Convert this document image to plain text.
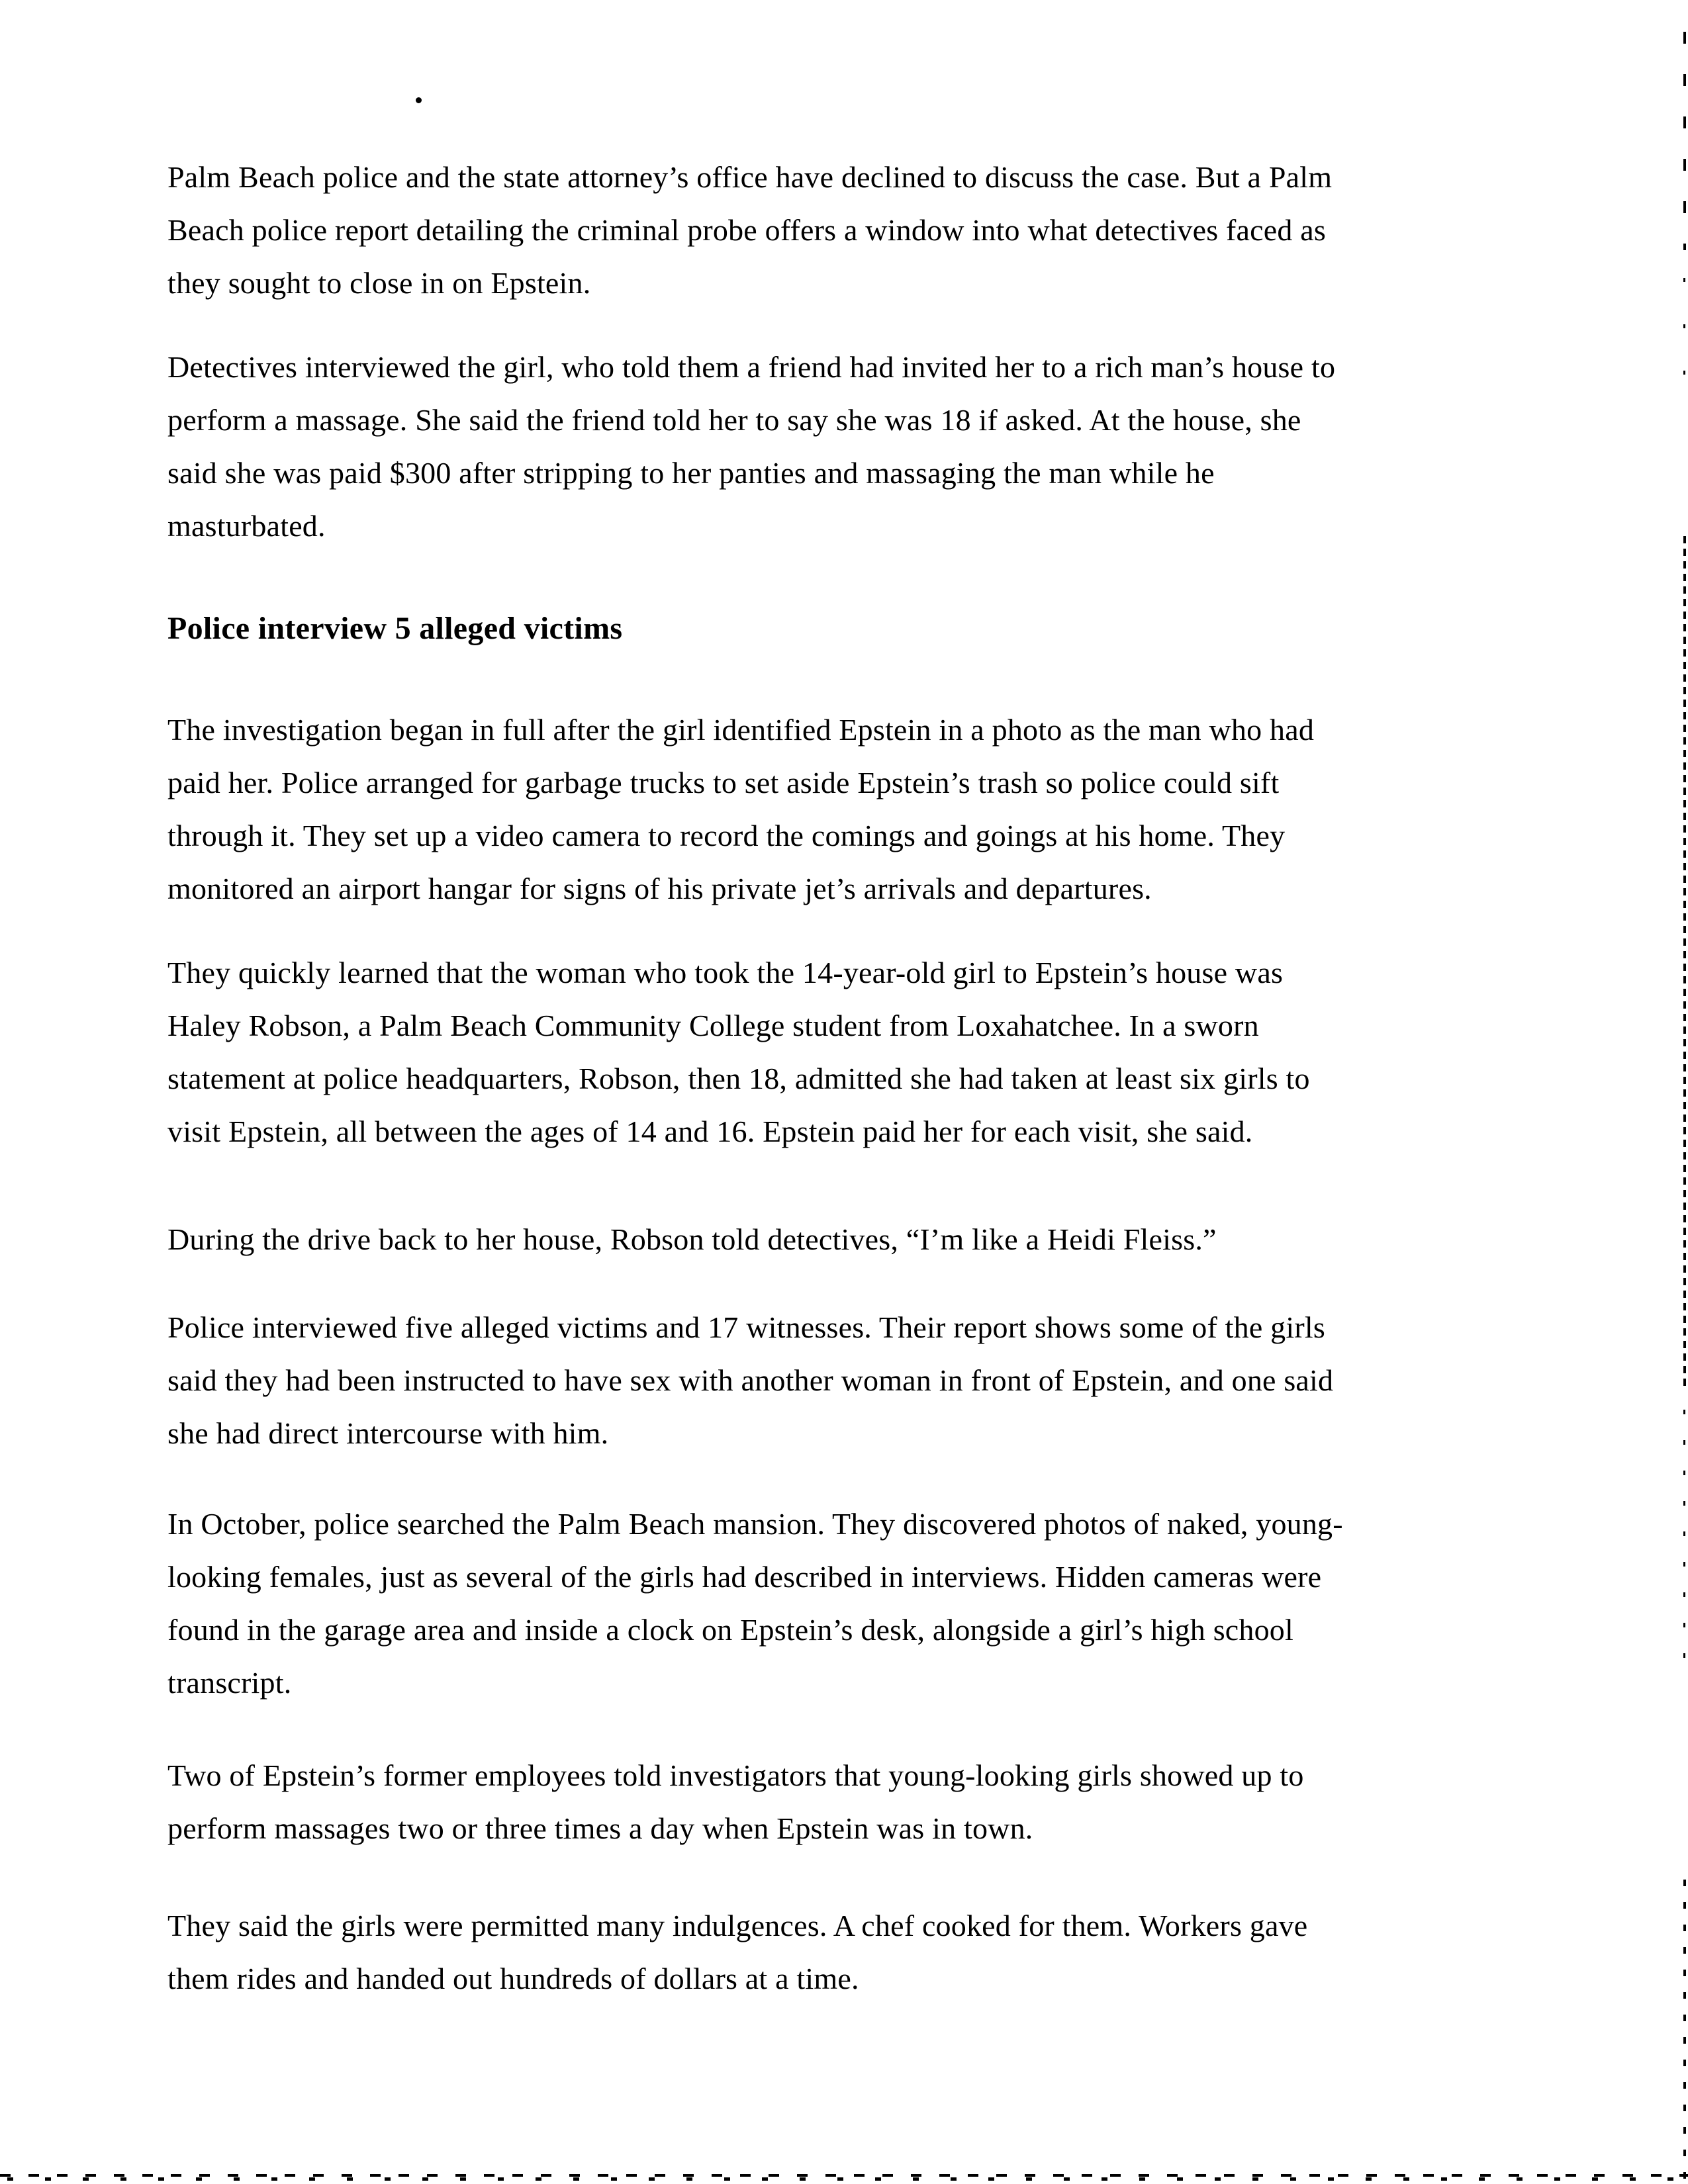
Palm Beach police and the state attorney’s office have declined to discuss the case. But a Palm
Beach police report detailing the criminal probe offers a window into what detectives faced as
they sought to close in on Epstein.
Detectives interviewed the girl, who told them a friend had invited her to a rich man’s house to
perform a massage. She said the friend told her to say she was 18 if asked. At the house, she
said she was paid $300 after stripping to her panties and massaging the man while he
masturbated.
Police interview 5 alleged victims
The investigation began in full after the girl identified Epstein in a photo as the man who had
paid her. Police arranged for garbage trucks to set aside Epstein’s trash so police could sift
through it. They set up a video camera to record the comings and goings at his home. They
monitored an airport hangar for signs of his private jet’s arrivals and departures.
They quickly learned that the woman who took the 14-year-old girl to Epstein’s house was
Haley Robson, a Palm Beach Community College student from Loxahatchee. In a sworn
statement at police headquarters, Robson, then 18, admitted she had taken at least six girls to
visit Epstein, all between the ages of 14 and 16. Epstein paid her for each visit, she said.
During the drive back to her house, Robson told detectives, “I’m like a Heidi Fleiss.”
Police interviewed five alleged victims and 17 witnesses. Their report shows some of the girls
said they had been instructed to have sex with another woman in front of Epstein, and one said
she had direct intercourse with him.
In October, police searched the Palm Beach mansion. They discovered photos of naked, young-
looking females, just as several of the girls had described in interviews. Hidden cameras were
found in the garage area and inside a clock on Epstein’s desk, alongside a girl’s high school
transcript.
Two of Epstein’s former employees told investigators that young-looking girls showed up to
perform massages two or three times a day when Epstein was in town.
They said the girls were permitted many indulgences. A chef cooked for them. Workers gave
them rides and handed out hundreds of dollars at a time.
